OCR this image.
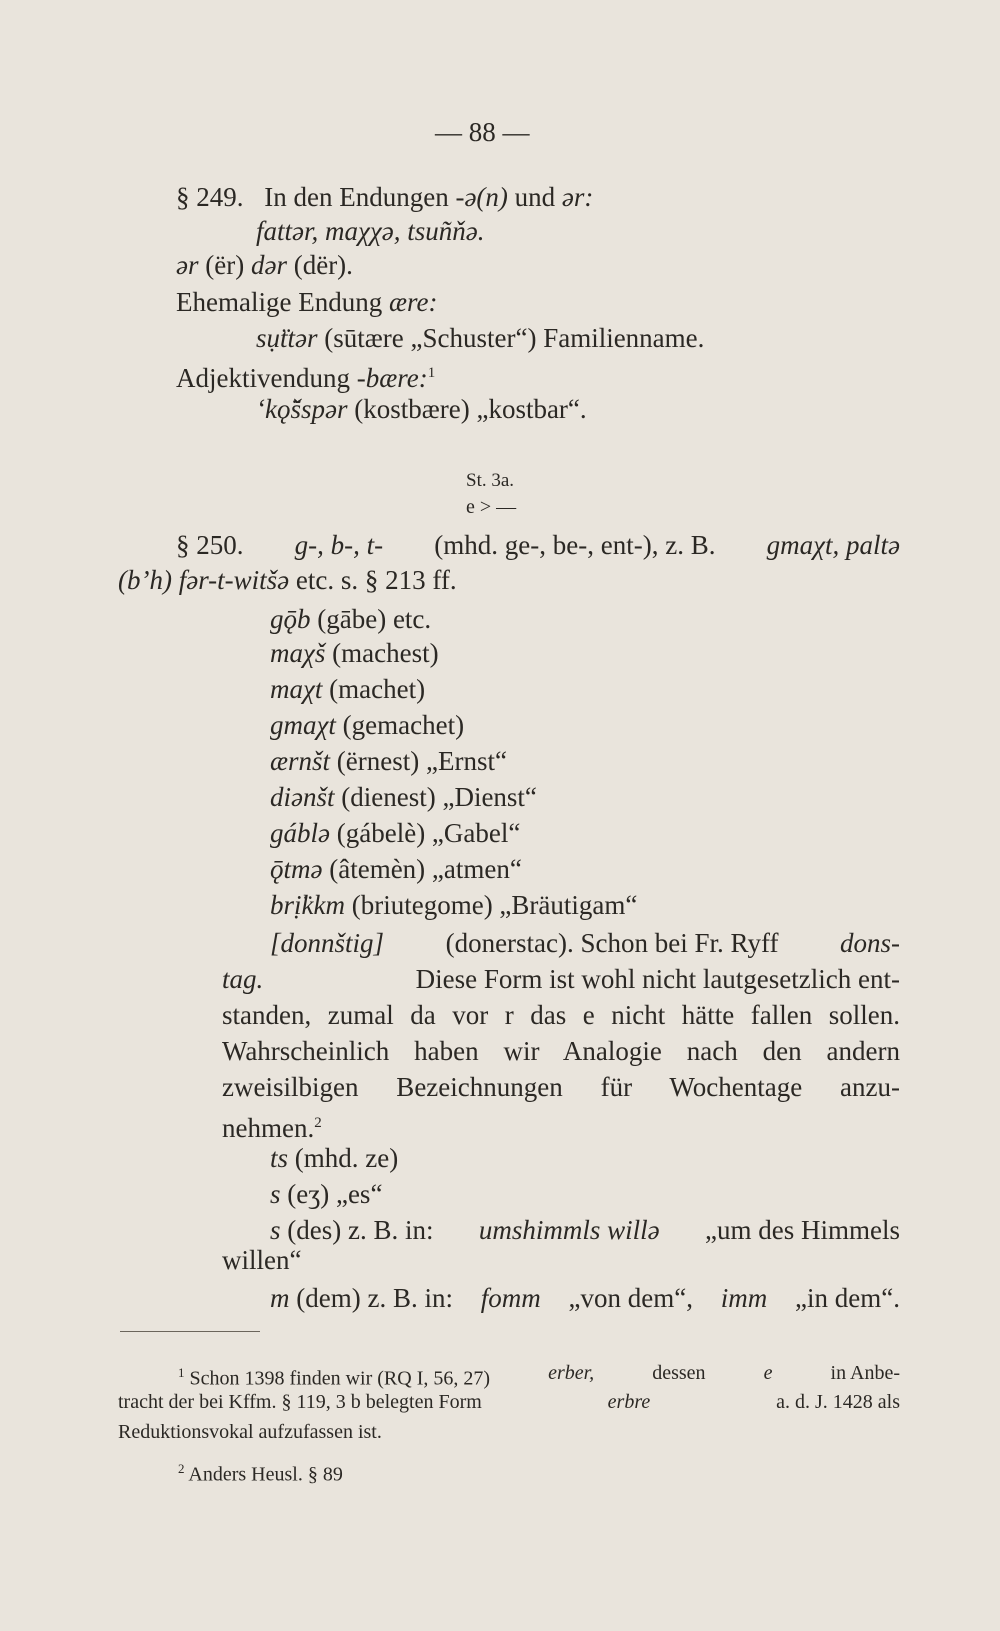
— 88 —
§ 249. In den Endungen -ə(n) und ər:
fattər, maχχə, tsuñňə.
ər (ër) dər (dër).
Ehemalige Endung ære:
sụ̈ttər (sūtære „Schuster“) Familienname.
Adjektivendung -bære:$^1$
‘kǫ̈šspər (kostbære) „kostbar“.
St. 3a.
e > —
§ 250. g-, b-, t- (mhd. ge-, be-, ent-), z. B. gmaχt, paltə
(b’h) fər-t-witšə etc. s. § 213 ff.
gǭb (gābe) etc.
maχš (machest)
maχt (machet)
gmaχt (gemachet)
ærnšt (ërnest) „Ernst“
diənšt (dienest) „Dienst“
gáblə (gábelè) „Gabel“
ǭtmə (âtemèn) „atmen“
brị̈kkm (briutegome) „Bräutigam“
[donnštig] (donerstac). Schon bei Fr. Ryff dons-
tag.	Diese Form ist wohl nicht lautgesetzlich ent-
standen, zumal da vor r das e nicht hätte fallen sollen.
Wahrscheinlich haben wir Analogie nach den andern
zweisilbigen Bezeichnungen für Wochentage anzu-
nehmen.$^2$
ts (mhd. ze)
s (eʒ) „es“
s (des) z. B. in: umshimmls willə „um des Himmels
willen“
m (dem) z. B. in: fomm „von dem“, imm „in dem“.
$^1$ Schon 1398 finden wir (RQ I, 56, 27)	erber,	dessen	e	in Anbe-
tracht der bei Kffm. § 119, 3 b belegten Form	erbre	a. d. J. 1428 als
Reduktionsvokal aufzufassen ist.
$^2$ Anders Heusl. § 89
